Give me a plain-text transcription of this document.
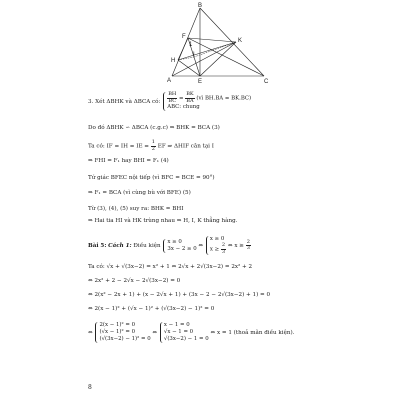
B
F
K
H
I
A	E	C
1
3. Xét ΔBHK và ΔBCA có: $\frac{BH}{BC} = \frac{BK}{BA}$ (vì BH.BA = BK.BC)
ABC: chung
Do đó ΔBHK ∽ ΔBCA (c.g.c) ⇒ BHK = BCA (3)
Ta có: IF = IH = IE = $\frac{1}{2}$ EF ⇒ ΔHIF cân tại I
⇒ FHI = F₁ hay BHI = F₁ (4)
Tứ giác BFEC nội tiếp (vì BFC = BCE = 90°)
⇒ F₁ = BCA (vì cùng bù với BFE) (5)
Từ (3), (4), (5) suy ra: BHK = BHI
⇒ Hai tia HI và HK trùng nhau ⇒ H, I, K thẳng hàng.
Bài 5: Cách 1: Điều kiện
x ≥ 0
3x − 2 ≥ 0 ⇔
x ≥ 0
$x \ge \frac{2}{3}$ ⇔ $x \ge \frac{2}{3}$
Ta có: √x + √(3x−2) = x² + 1 ⇔ 2√x + 2√(3x−2) = 2x² + 2
⇔ 2x² + 2 − 2√x − 2√(3x−2) = 0
⇔ 2(x² − 2x + 1) + (x − 2√x + 1) + (3x − 2 − 2√(3x−2) + 1) = 0
⇔ 2(x − 1)² + (√x − 1)² + (√(3x−2) − 1)² = 0
⇔
2(x − 1)² = 0
(√x − 1)² = 0
(√(3x−2) − 1)² = 0
⇔
x − 1 = 0
√x − 1 = 0
√(3x−2) − 1 = 0
⇔ x = 1 (thoả mãn điều kiện).
8
